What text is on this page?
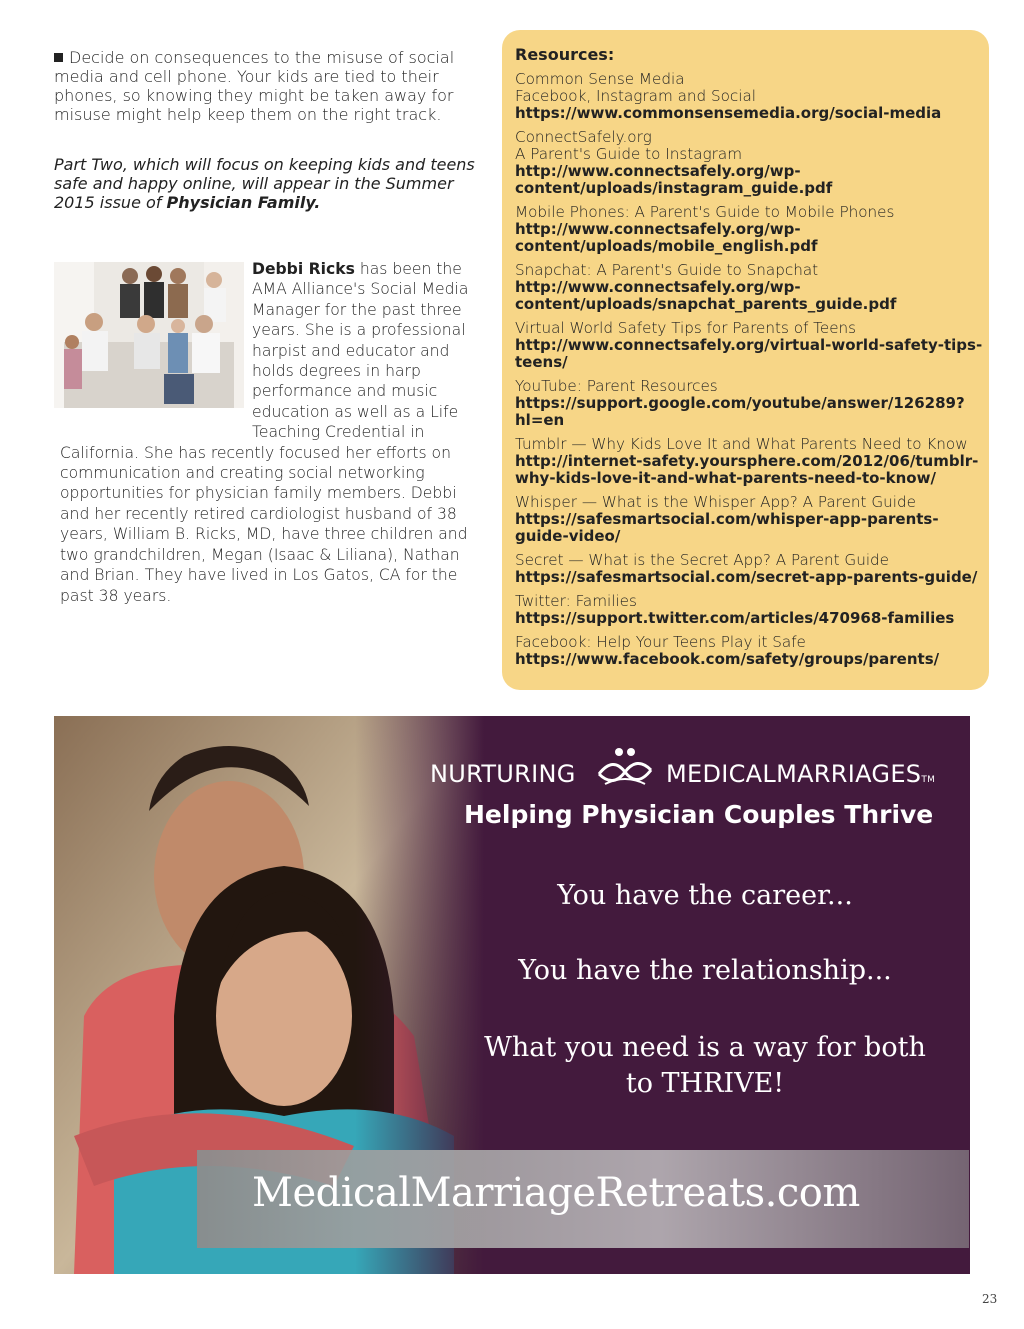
Decide on consequences to the misuse of social media and cell phone. Your kids are tied to their phones, so knowing they might be taken away for misuse might help keep them on the right track.
Part Two, which will focus on keeping kids and teens safe and happy online, will appear in the Summer 2015 issue of Physician Family.
Debbi Ricks has been the AMA Alliance's Social Media Manager for the past three years. She is a professional harpist and educator and holds degrees in harp performance and music education as well as a Life Teaching Credential in California. She has recently focused her efforts on communication and creating social networking opportunities for physician family members. Debbi and her recently retired cardiologist husband of 38 years, William B. Ricks, MD, have three children and two grandchildren, Megan (Isaac & Liliana), Nathan and Brian. They have lived in Los Gatos, CA for the past 38 years.
Resources:
Common Sense Media
Facebook, Instagram and Social
https://www.commonsensemedia.org/social-media
ConnectSafely.org
A Parent's Guide to Instagram
http://www.connectsafely.org/wp-content/uploads/instagram_guide.pdf
Mobile Phones: A Parent's Guide to Mobile Phones
http://www.connectsafely.org/wp-content/uploads/mobile_english.pdf
Snapchat: A Parent's Guide to Snapchat
http://www.connectsafely.org/wp-content/uploads/snapchat_parents_guide.pdf
Virtual World Safety Tips for Parents of Teens
http://www.connectsafely.org/virtual-world-safety-tips-teens/
YouTube: Parent Resources
https://support.google.com/youtube/answer/126289?hl=en
Tumblr — Why Kids Love It and What Parents Need to Know
http://internet-safety.yoursphere.com/2012/06/tumblr-why-kids-love-it-and-what-parents-need-to-know/
Whisper — What is the Whisper App? A Parent Guide
https://safesmartsocial.com/whisper-app-parents-guide-video/
Secret — What is the Secret App? A Parent Guide
https://safesmartsocial.com/secret-app-parents-guide/
Twitter: Families
https://support.twitter.com/articles/470968-families
Facebook: Help Your Teens Play it Safe
https://www.facebook.com/safety/groups/parents/
NURTURING	MEDICALMARRIAGESTM
Helping Physician Couples Thrive
You have the career...
You have the relationship...
What you need is a way for both to THRIVE!
MedicalMarriageRetreats.com
23
